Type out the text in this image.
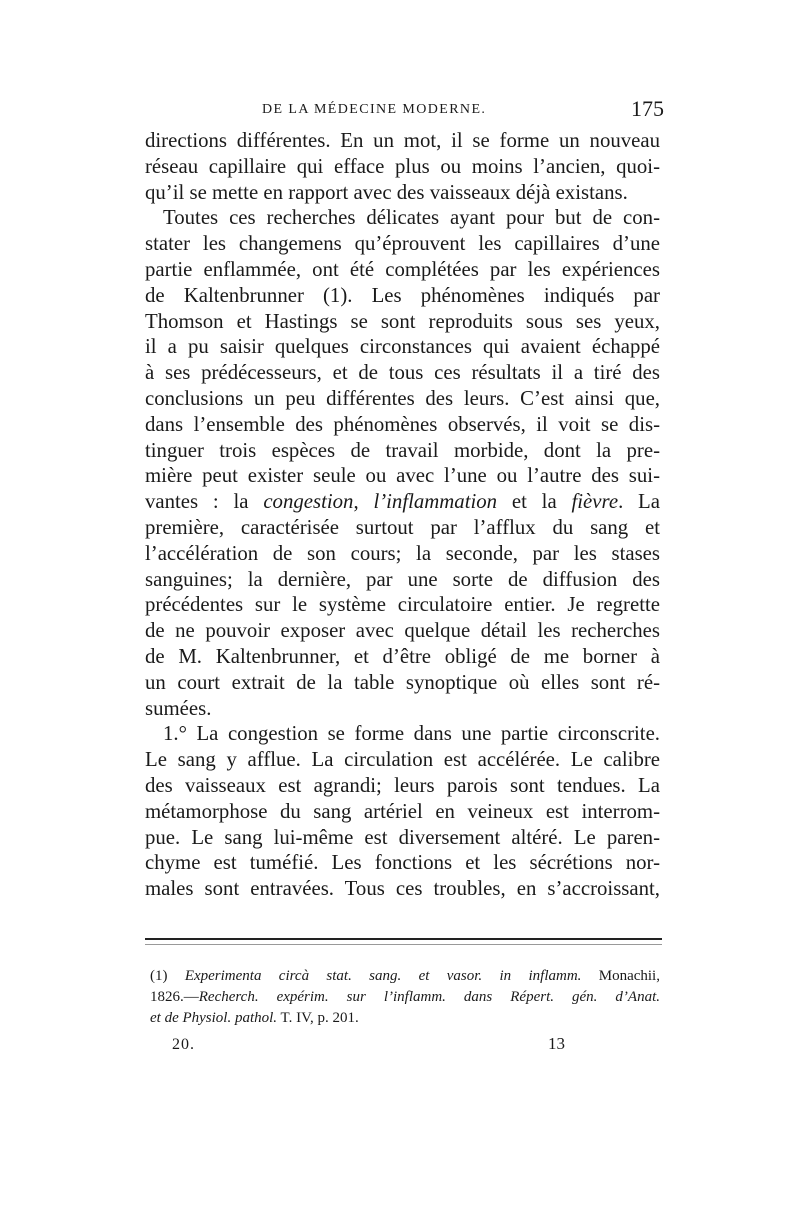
DE LA MÉDECINE MODERNE.	175

directions différentes. En un mot, il se forme un nouveau
réseau capillaire qui efface plus ou moins l’ancien, quoi-
qu’il se mette en rapport avec des vaisseaux déjà existans.

Toutes ces recherches délicates ayant pour but de con-
stater les changemens qu’éprouvent les capillaires d’une
partie enflammée, ont été complétées par les expériences
de Kaltenbrunner (1). Les phénomènes indiqués par
Thomson et Hastings se sont reproduits sous ses yeux,
il a pu saisir quelques circonstances qui avaient échappé
à ses prédécesseurs, et de tous ces résultats il a tiré des
conclusions un peu différentes des leurs. C’est ainsi que,
dans l’ensemble des phénomènes observés, il voit se dis-
tinguer trois espèces de travail morbide, dont la pre-
mière peut exister seule ou avec l’une ou l’autre des sui-
vantes : la congestion, l’inflammation et la fièvre. La
première, caractérisée surtout par l’afflux du sang et
l’accélération de son cours; la seconde, par les stases
sanguines; la dernière, par une sorte de diffusion des
précédentes sur le système circulatoire entier. Je regrette
de ne pouvoir exposer avec quelque détail les recherches
de M. Kaltenbrunner, et d’être obligé de me borner à
un court extrait de la table synoptique où elles sont ré-
sumées.

1.° La congestion se forme dans une partie circonscrite.
Le sang y afflue. La circulation est accélérée. Le calibre
des vaisseaux est agrandi; leurs parois sont tendues. La
métamorphose du sang artériel en veineux est interrom-
pue. Le sang lui-même est diversement altéré. Le paren-
chyme est tuméfié. Les fonctions et les sécrétions nor-
males sont entravées. Tous ces troubles, en s’accroissant,

(1) Experimenta circà stat. sang. et vasor. in inflamm. Monachii,
1826.—Recherch. expérim. sur l’inflamm. dans Répert. gén. d’Anat.
et de Physiol. pathol. T. IV, p. 201.
20.	13
